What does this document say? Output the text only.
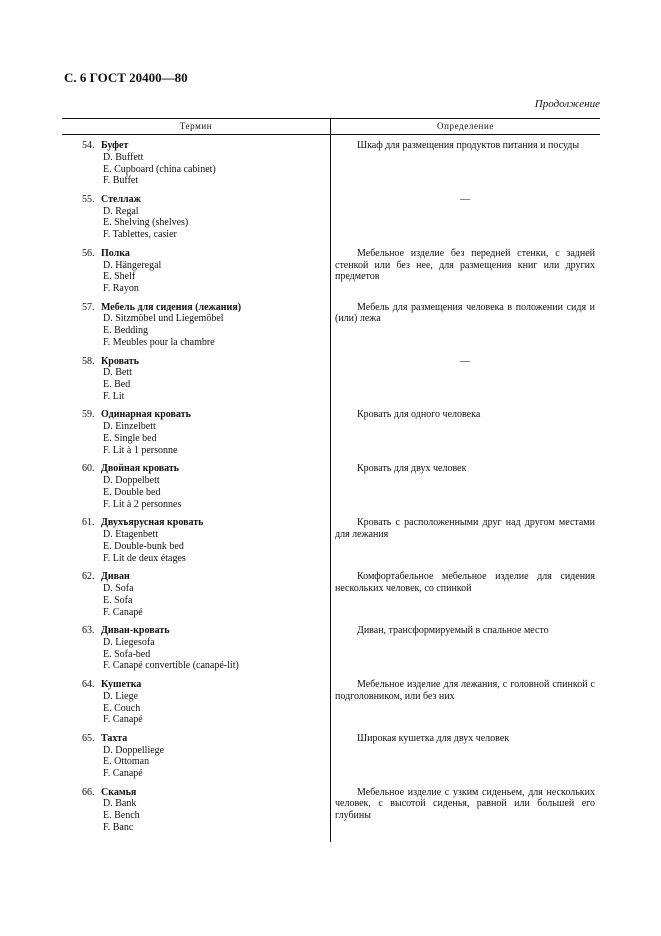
С. 6 ГОСТ 20400—80
Продолжение
Термин	Определение
54. Буфет
D. Buffett
E. Cupboard (china cabinet)
F. Buffet
Шкаф для размещения продуктов питания и посуды
55. Стеллаж
D. Regal
E. Shelving (shelves)
F. Tablettes, casier
—
56. Полка
D. Hängeregal
E. Shelf
F. Rayon
Мебельное изделие без передней стенки, с задней стенкой или без нее, для размещения книг или других предметов
57. Мебель для сидения (лежания)
D. Sitzmöbel und Liegemöbel
E. Bedding
F. Meubles pour la chambre
Мебель для размещения человека в положении сидя и (или) лежа
58. Кровать
D. Bett
E. Bed
F. Lit
—
59. Одинарная кровать
D. Einzelbett
E. Single bed
F. Lit à 1 personne
Кровать для одного человека
60. Двойная кровать
D. Doppelbett
E. Double bed
F. Lit à 2 personnes
Кровать для двух человек
61. Двухъярусная кровать
D. Etagenbett
E. Double-bunk bed
F. Lit de deux étages
Кровать с расположенными друг над другом местами для лежания
62. Диван
D. Sofa
E. Sofa
F. Canapé
Комфортабельное мебельное изделие для сидения нескольких человек, со спинкой
63. Диван-кровать
D. Liegesofa
E. Sofa-bed
F. Canapé convertible (canapé-lit)
Диван, трансформируемый в спальное место
64. Кушетка
D. Liege
E. Couch
F. Canapé
Мебельное изделие для лежания, с головной спинкой с подголовником, или без них
65. Тахта
D. Doppelliege
E. Ottoman
F. Canapé
Широкая кушетка для двух человек
66. Скамья
D. Bank
E. Bench
F. Banc
Мебельное изделие с узким сиденьем, для нескольких человек, с высотой сиденья, равной или большей его глубины
